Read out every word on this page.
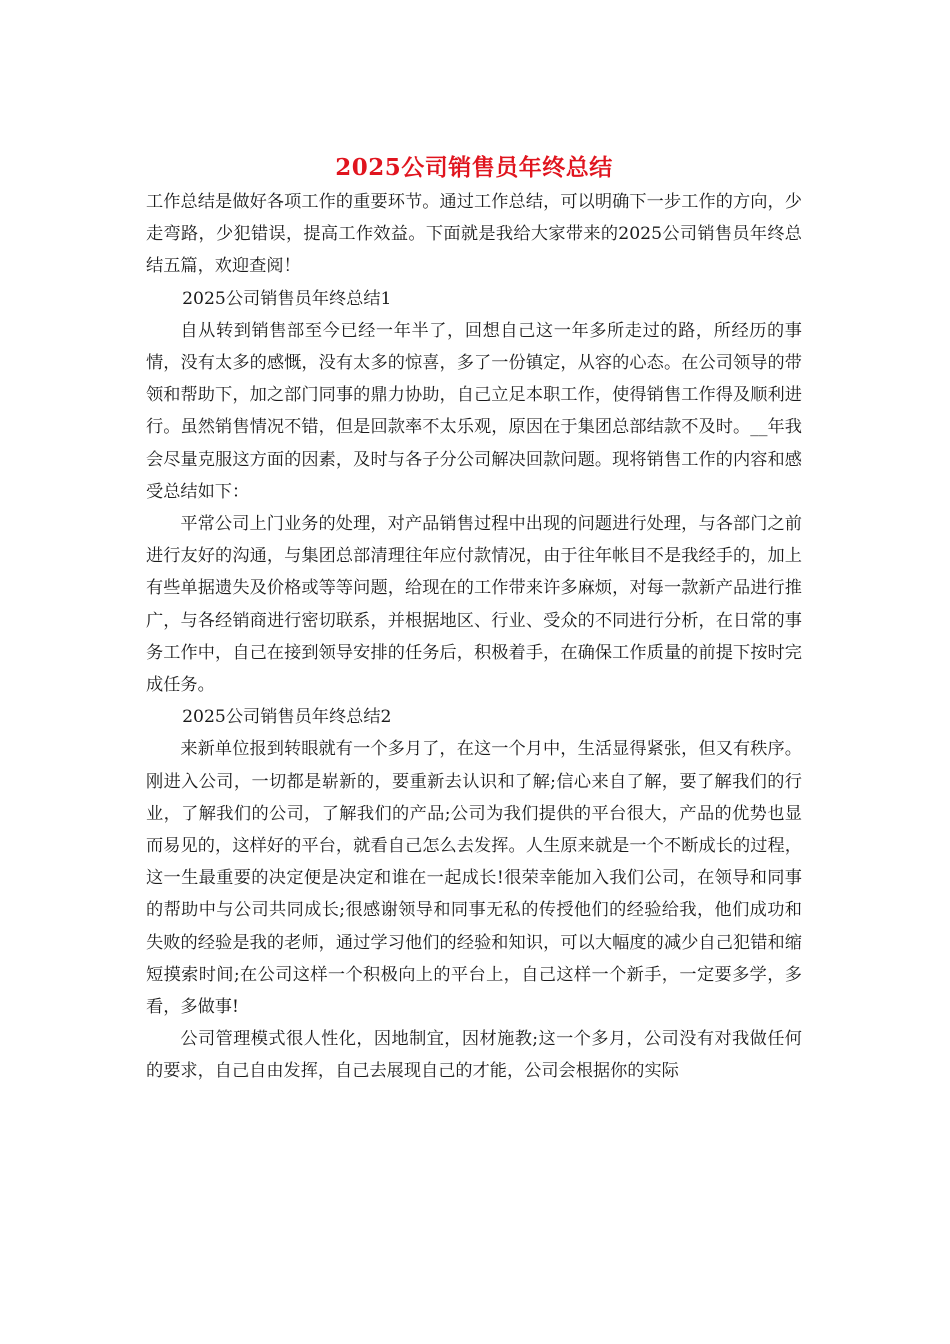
2025公司销售员年终总结

工作总结是做好各项工作的重要环节。通过工作总结，可以明确下一步工作的方向，少走弯路，少犯错误，提高工作效益。下面就是我给大家带来的2025公司销售员年终总结五篇，欢迎查阅！

2025公司销售员年终总结1

自从转到销售部至今已经一年半了，回想自己这一年多所走过的路，所经历的事情，没有太多的感慨，没有太多的惊喜，多了一份镇定，从容的心态。在公司领导的带领和帮助下，加之部门同事的鼎力协助，自己立足本职工作，使得销售工作得及顺利进行。虽然销售情况不错，但是回款率不太乐观，原因在于集团总部结款不及时。__年我会尽量克服这方面的因素，及时与各子分公司解决回款问题。现将销售工作的内容和感受总结如下：

平常公司上门业务的处理，对产品销售过程中出现的问题进行处理，与各部门之前进行友好的沟通，与集团总部清理往年应付款情况，由于往年帐目不是我经手的，加上有些单据遗失及价格或等等问题，给现在的工作带来许多麻烦，对每一款新产品进行推广，与各经销商进行密切联系，并根据地区、行业、受众的不同进行分析，在日常的事务工作中，自己在接到领导安排的任务后，积极着手，在确保工作质量的前提下按时完成任务。

2025公司销售员年终总结2

来新单位报到转眼就有一个多月了，在这一个月中，生活显得紧张，但又有秩序。刚进入公司，一切都是崭新的，要重新去认识和了解;信心来自了解，要了解我们的行业，了解我们的公司，了解我们的产品;公司为我们提供的平台很大，产品的优势也显而易见的，这样好的平台，就看自己怎么去发挥。人生原来就是一个不断成长的过程，这一生最重要的决定便是决定和谁在一起成长!很荣幸能加入我们公司，在领导和同事的帮助中与公司共同成长;很感谢领导和同事无私的传授他们的经验给我，他们成功和失败的经验是我的老师，通过学习他们的经验和知识，可以大幅度的减少自己犯错和缩短摸索时间;在公司这样一个积极向上的平台上，自己这样一个新手，一定要多学，多看，多做事!

公司管理模式很人性化，因地制宜，因材施教;这一个多月，公司没有对我做任何的要求，自己自由发挥，自己去展现自己的才能，公司会根据你的实际
